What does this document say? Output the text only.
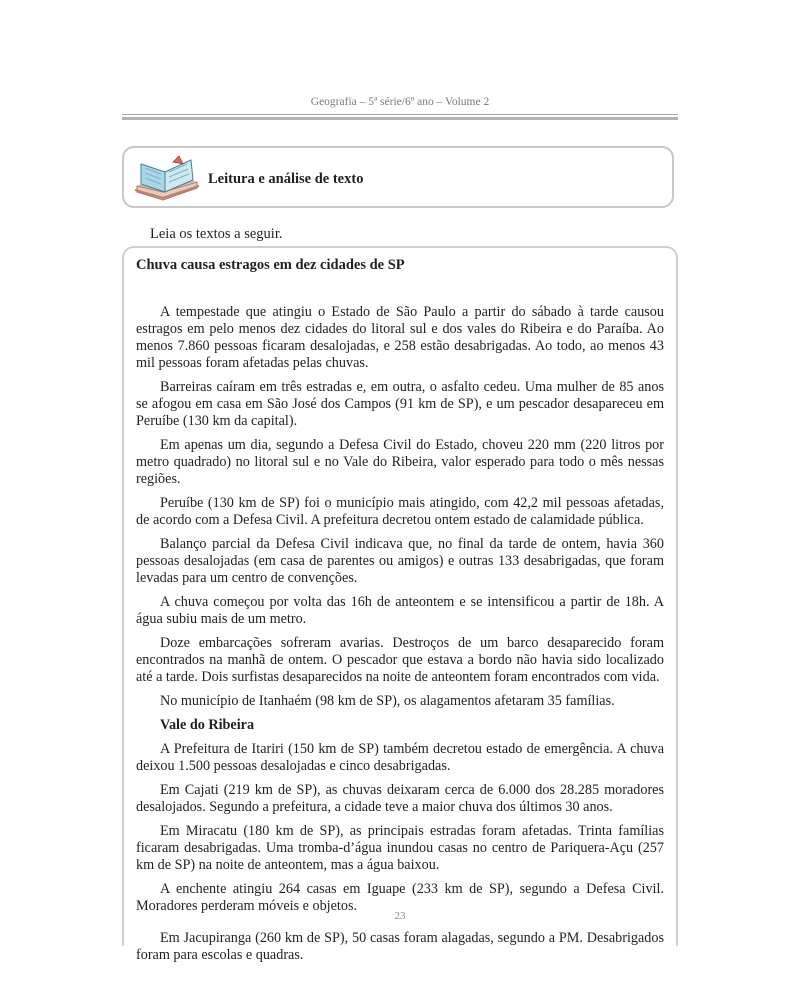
Geografia – 5ª série/6º ano – Volume 2
Leitura e análise de texto
Leia os textos a seguir.
Chuva causa estragos em dez cidades de SP

A tempestade que atingiu o Estado de São Paulo a partir do sábado à tarde causou estragos em pelo menos dez cidades do litoral sul e dos vales do Ribeira e do Paraíba. Ao menos 7.860 pessoas ficaram desalojadas, e 258 estão desabrigadas. Ao todo, ao menos 43 mil pessoas foram afetadas pelas chuvas.

Barreiras caíram em três estradas e, em outra, o asfalto cedeu. Uma mulher de 85 anos se afogou em casa em São José dos Campos (91 km de SP), e um pescador desapareceu em Peruíbe (130 km da capital).

Em apenas um dia, segundo a Defesa Civil do Estado, choveu 220 mm (220 litros por metro quadrado) no litoral sul e no Vale do Ribeira, valor esperado para todo o mês nessas regiões.

Peruíbe (130 km de SP) foi o município mais atingido, com 42,2 mil pessoas afetadas, de acordo com a Defesa Civil. A prefeitura decretou ontem estado de calamidade pública.

Balanço parcial da Defesa Civil indicava que, no final da tarde de ontem, havia 360 pessoas desalojadas (em casa de parentes ou amigos) e outras 133 desabrigadas, que foram levadas para um centro de convenções.

A chuva começou por volta das 16h de anteontem e se intensificou a partir de 18h. A água subiu mais de um metro.

Doze embarcações sofreram avarias. Destroços de um barco desaparecido foram encontrados na manhã de ontem. O pescador que estava a bordo não havia sido localizado até a tarde. Dois surfistas desaparecidos na noite de anteontem foram encontrados com vida.

No município de Itanhaém (98 km de SP), os alagamentos afetaram 35 famílias.

Vale do Ribeira

A Prefeitura de Itariri (150 km de SP) também decretou estado de emergência. A chuva deixou 1.500 pessoas desalojadas e cinco desabrigadas.

Em Cajati (219 km de SP), as chuvas deixaram cerca de 6.000 dos 28.285 moradores desalojados. Segundo a prefeitura, a cidade teve a maior chuva dos últimos 30 anos.

Em Miracatu (180 km de SP), as principais estradas foram afetadas. Trinta famílias ficaram desabrigadas. Uma tromba-d’água inundou casas no centro de Pariquera-Açu (257 km de SP) na noite de anteontem, mas a água baixou.

A enchente atingiu 264 casas em Iguape (233 km de SP), segundo a Defesa Civil. Moradores perderam móveis e objetos.

Em Jacupiranga (260 km de SP), 50 casas foram alagadas, segundo a PM. Desabrigados foram para escolas e quadras.

23
